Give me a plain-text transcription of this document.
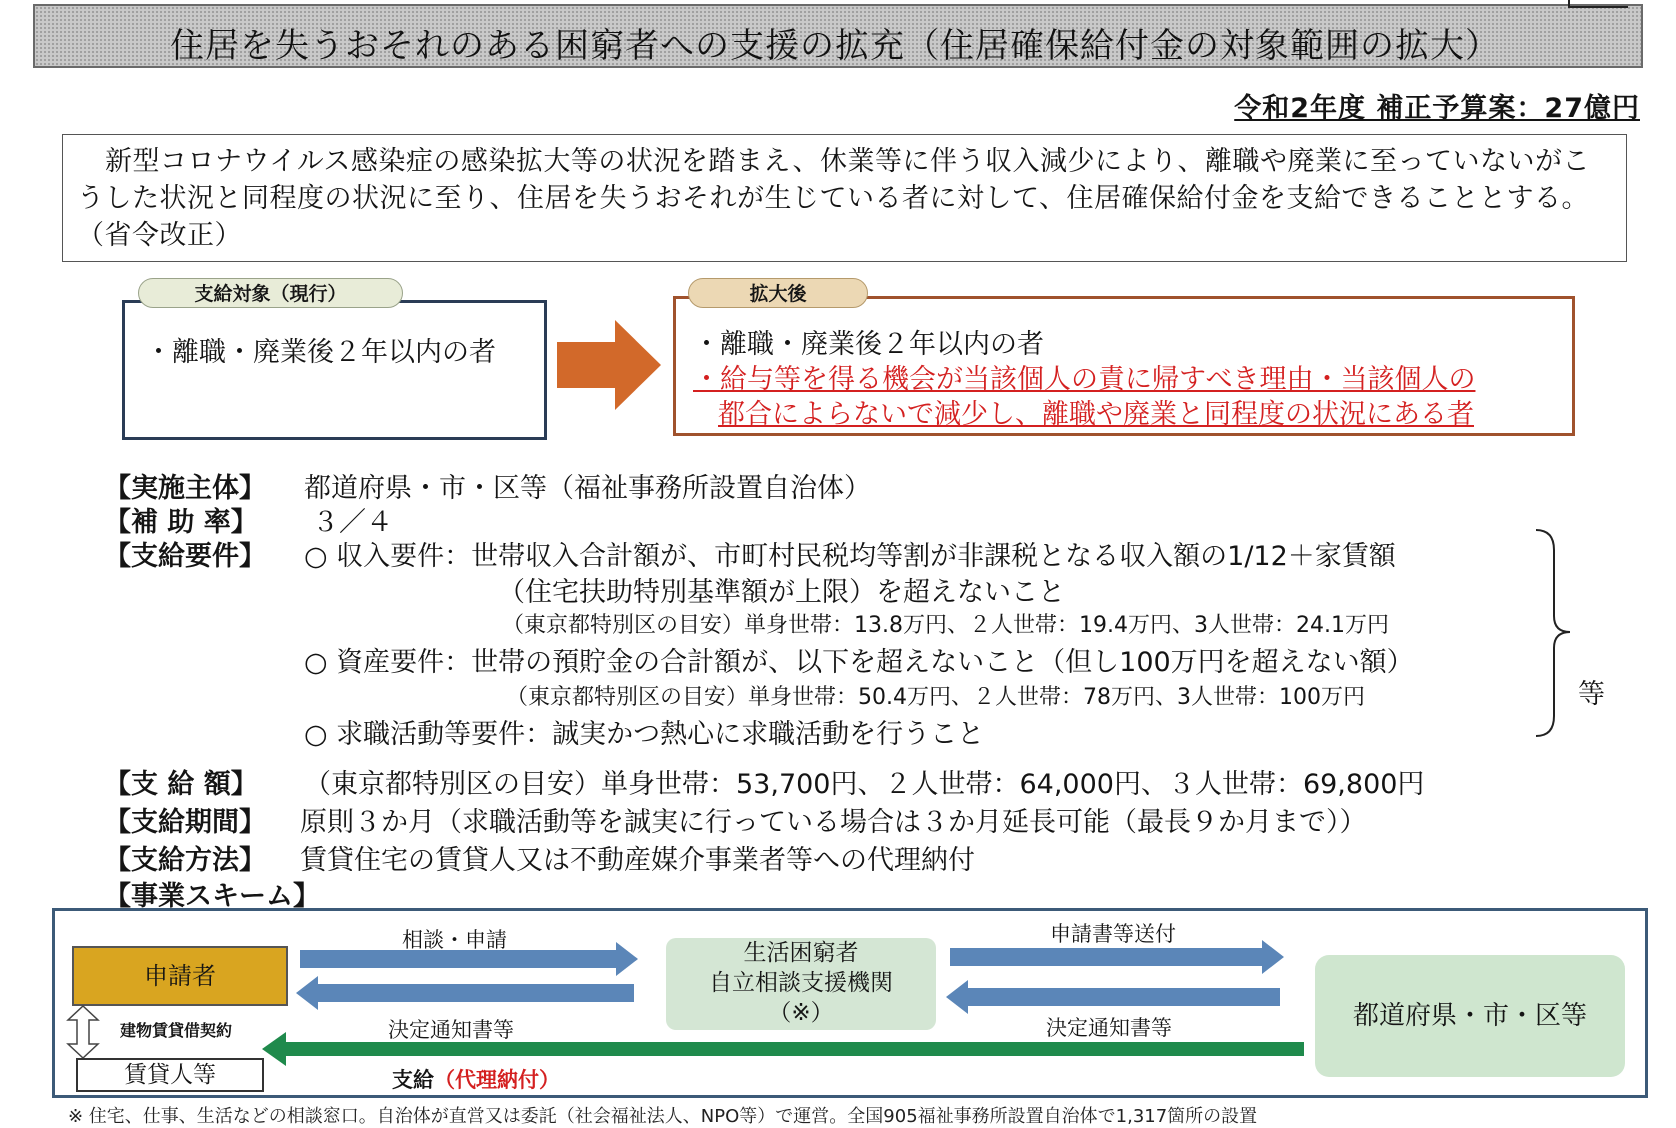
住居を失うおそれのある困窮者への支援の拡充（住居確保給付金の対象範囲の拡大）
令和2年度 補正予算案：27億円
新型コロナウイルス感染症の感染拡大等の状況を踏まえ、休業等に伴う収入減少により、離職や廃業に至っていないがこうした状況と同程度の状況に至り、住居を失うおそれが生じている者に対して、住居確保給付金を支給できることとする。（省令改正）
支給対象（現行）
・離職・廃業後２年以内の者
拡大後
・離職・廃業後２年以内の者
・給与等を得る機会が当該個人の責に帰すべき理由・当該個人の
都合によらないで減少し、離職や廃業と同程度の状況にある者
【実施主体】 都道府県・市・区等（福祉事務所設置自治体）
【補 助 率】 ３／４
【支給要件】 ○ 収入要件：世帯収入合計額が、市町村民税均等割が非課税となる収入額の1/12＋家賃額
（住宅扶助特別基準額が上限）を超えないこと
（東京都特別区の目安）単身世帯：13.8万円、２人世帯：19.4万円、3人世帯：24.1万円
○ 資産要件：世帯の預貯金の合計額が、以下を超えないこと（但し100万円を超えない額）
（東京都特別区の目安）単身世帯：50.4万円、２人世帯：78万円、3人世帯：100万円
○ 求職活動等要件：誠実かつ熱心に求職活動を行うこと
等
【支 給 額】 （東京都特別区の目安）単身世帯：53,700円、２人世帯：64,000円、３人世帯：69,800円
【支給期間】 原則３か月（求職活動等を誠実に行っている場合は３か月延長可能（最長９か月まで））
【支給方法】 賃貸住宅の賃貸人又は不動産媒介事業者等への代理納付
【事業スキーム】
申請者
建物賃貸借契約
賃貸人等
生活困窮者
自立相談支援機関
（※）	都道府県・市・区等
相談・申請
決定通知書等
申請書等送付
決定通知書等
支給（代理納付）
※ 住宅、仕事、生活などの相談窓口。自治体が直営又は委託（社会福祉法人、NPO等）で運営。全国905福祉事務所設置自治体で1,317箇所の設置
